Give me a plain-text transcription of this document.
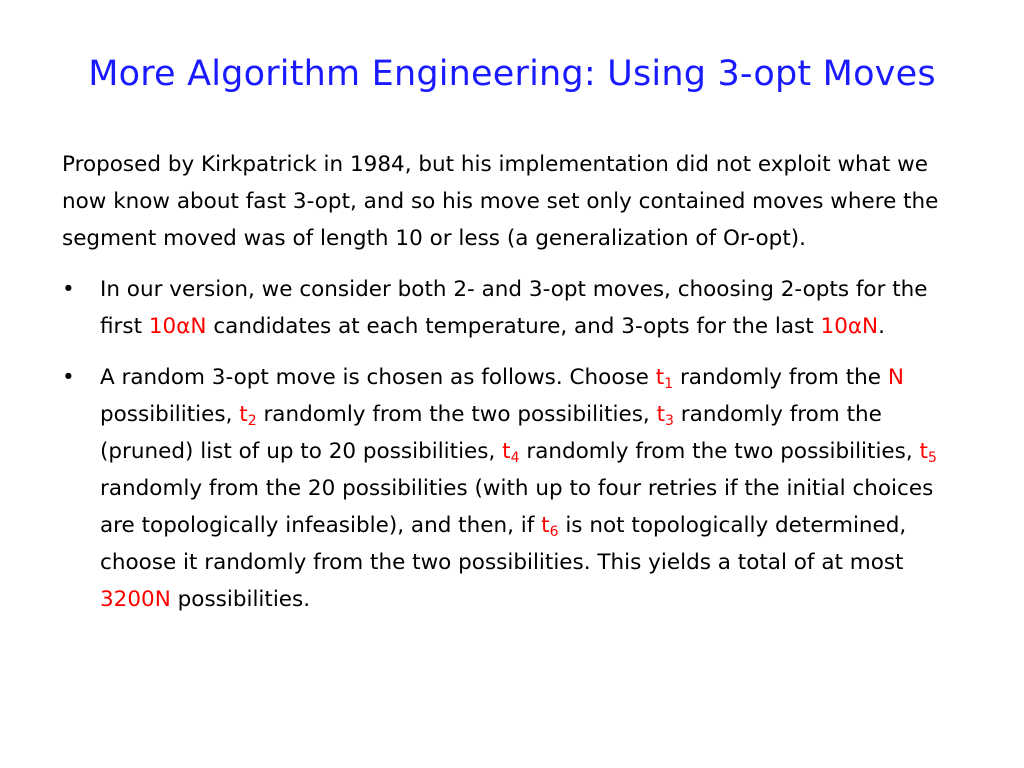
More Algorithm Engineering: Using 3-opt Moves

Proposed by Kirkpatrick in 1984, but his implementation did not exploit what we now know about fast 3-opt, and so his move set only contained moves where the segment moved was of length 10 or less (a generalization of Or-opt).

•	In our version, we consider both 2- and 3-opt moves, choosing 2-opts for the first 10αN candidates at each temperature, and 3-opts for the last 10αN.

•	A random 3-opt move is chosen as follows. Choose $t_1$ randomly from the N possibilities, $t_2$ randomly from the two possibilities, $t_3$ randomly from the (pruned) list of up to 20 possibilities, $t_4$ randomly from the two possibilities, $t_5$ randomly from the 20 possibilities (with up to four retries if the initial choices are topologically infeasible), and then, if $t_6$ is not topologically determined, choose it randomly from the two possibilities. This yields a total of at most 3200N possibilities.
